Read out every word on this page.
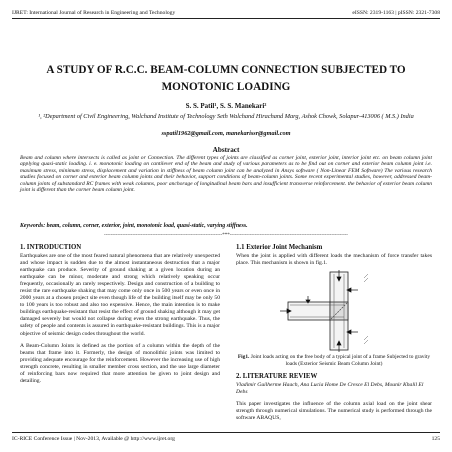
IJRET: International Journal of Research in Engineering and Technology	eISSN: 2319-1163 | pISSN: 2321-7308
A STUDY OF R.C.C. BEAM-COLUMN CONNECTION SUBJECTED TO MONOTONIC LOADING
S. S. Patil¹, S. S. Manekari²
¹, ²Department of Civil Engineering, Walchand Institute of Technology Seth Walchand Hirachand Marg, Ashok Chowk, Solapur-413006 ( M.S.) India
sspatil1962@gmail.com, manekarissr@gmail.com
Abstract
Beam and column where intersects is called as joint or Connection. The different types of joints are classified as corner joint, exterior joint, interior joint etc. on beam column joint applying quasi-static loading. i. e. monotonic loading on cantilever end of the beam and study of various parameters as to be find out on corner and exterior beam column joint i.e. maximum stress, minimum stress, displacement and variation in stiffness of beam column joint can be analyzed in Ansys software ( Non-Linear FEM Software) The various research studies focused on corner and exterior beam column joints and their behavior, support conditions of beam-column joints. Some recent experimental studies, however, addressed beam-column joints of substandard RC frames with weak columns, poor anchorage of longitudinal beam bars and insufficient transverse reinforcement. the behavior of exterior beam column joint is different than the corner beam column joint.
Keywords: beam, column, corner, exterior, joint, monotonic load, quasi-static, varying stiffness.
-----------------------------------------------------------------------***-----------------------------------------------------------------------
1. INTRODUCTION
Earthquakes are one of the most feared natural phenomena that are relatively unexpected and whose impact is sudden due to the almost instantaneous destruction that a major earthquake can produce. Severity of ground shaking at a given location during an earthquake can be minor, moderate and strong which relatively speaking occur frequently, occasionally an rarely respectively. Design and construction of a building to resist the rare earthquake shaking that may come only once in 500 years or even once in 2000 years at a chosen project site even though life of the building itself may be only 50 to 100 years is too robust and also too expensive. Hence, the main intention is to make buildings earthquake-resistant that resist the effect of ground shaking although it may get damaged severely but would not collapse during even the strong earthquake. Thus, the safety of people and contents is assured in earthquake-resistant buildings. This is a major objective of seismic design codes throughout the world.
A Beam-Column Joints is defined as the portion of a column within the depth of the beams that frame into it. Formerly, the design of monolithic joints was limited to providing adequate encourage for the reinforcement. However the increasing use of high strength concrete, resulting in smaller member cross section, and the use large diameter of reinforcing bars now required that more attention be given to joint design and detailing.
1.1 Exterior Joint Mechanism
When the joint is applied with different loads the mechanism of force transfer takes place. This mechanism is shown in fig.1.
Fig1. Joint loads acting on the free body of a typical joint of a frame Subjected to gravity loads (Exterior Seismic Beam Column Joint)
2. LITERATURE REVIEW
Vladimir Guilherme Haach, Ana Lucia Home De Cresce El Debs, Mounir Khalil El Debs
This paper investigates the influence of the column axial load on the joint shear strength through numerical simulations. The numerical study is performed through the software ABAQUS,
IC-RICE Conference Issue | Nov-2013, Available @ http://www.ijret.org	125
